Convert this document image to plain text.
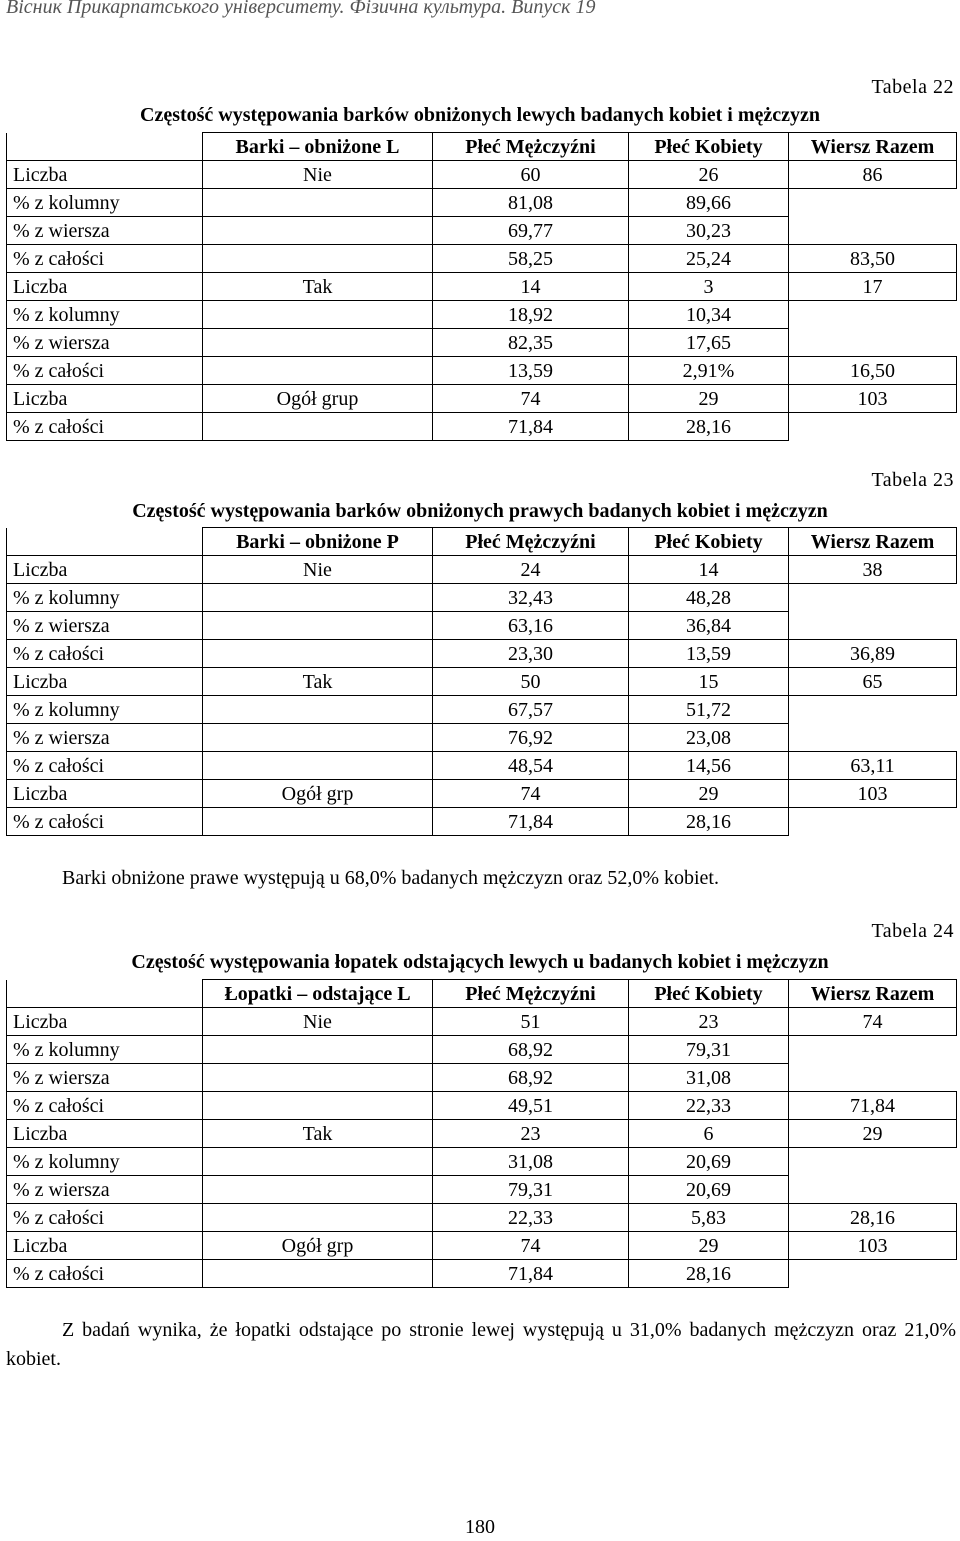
Вісник Прикарпатського університету. Фізична культура. Випуск 19
Tabela 22
Częstość występowania barków obniżonych lewych badanych kobiet i mężczyzn
	Barki – obniżone L	Płeć Mężczyźni	Płeć Kobiety	Wiersz Razem
Liczba	Nie	60	26	86
% z kolumny		81,08	89,66	
% z wiersza		69,77	30,23	
% z całości		58,25	25,24	83,50
Liczba	Tak	14	3	17
% z kolumny		18,92	10,34	
% z wiersza		82,35	17,65	
% z całości		13,59	2,91%	16,50
Liczba	Ogół grup	74	29	103
% z całości		71,84	28,16	
Tabela 23
Częstość występowania barków obniżonych prawych badanych kobiet i mężczyzn
	Barki – obniżone P	Płeć Mężczyźni	Płeć Kobiety	Wiersz Razem
Liczba	Nie	24	14	38
% z kolumny		32,43	48,28	
% z wiersza		63,16	36,84	
% z całości		23,30	13,59	36,89
Liczba	Tak	50	15	65
% z kolumny		67,57	51,72	
% z wiersza		76,92	23,08	
% z całości		48,54	14,56	63,11
Liczba	Ogół grp	74	29	103
% z całości		71,84	28,16	
Barki obniżone prawe występują u 68,0% badanych mężczyzn oraz 52,0% kobiet.
Tabela 24
Częstość występowania łopatek odstających lewych u badanych kobiet i mężczyzn
	Łopatki – odstające L	Płeć Mężczyźni	Płeć Kobiety	Wiersz Razem
Liczba	Nie	51	23	74
% z kolumny		68,92	79,31	
% z wiersza		68,92	31,08	
% z całości		49,51	22,33	71,84
Liczba	Tak	23	6	29
% z kolumny		31,08	20,69	
% z wiersza		79,31	20,69	
% z całości		22,33	5,83	28,16
Liczba	Ogół grp	74	29	103
% z całości		71,84	28,16	
Z badań wynika, że łopatki odstające po stronie lewej występują u 31,0% badanych mężczyzn oraz 21,0% kobiet.
180
